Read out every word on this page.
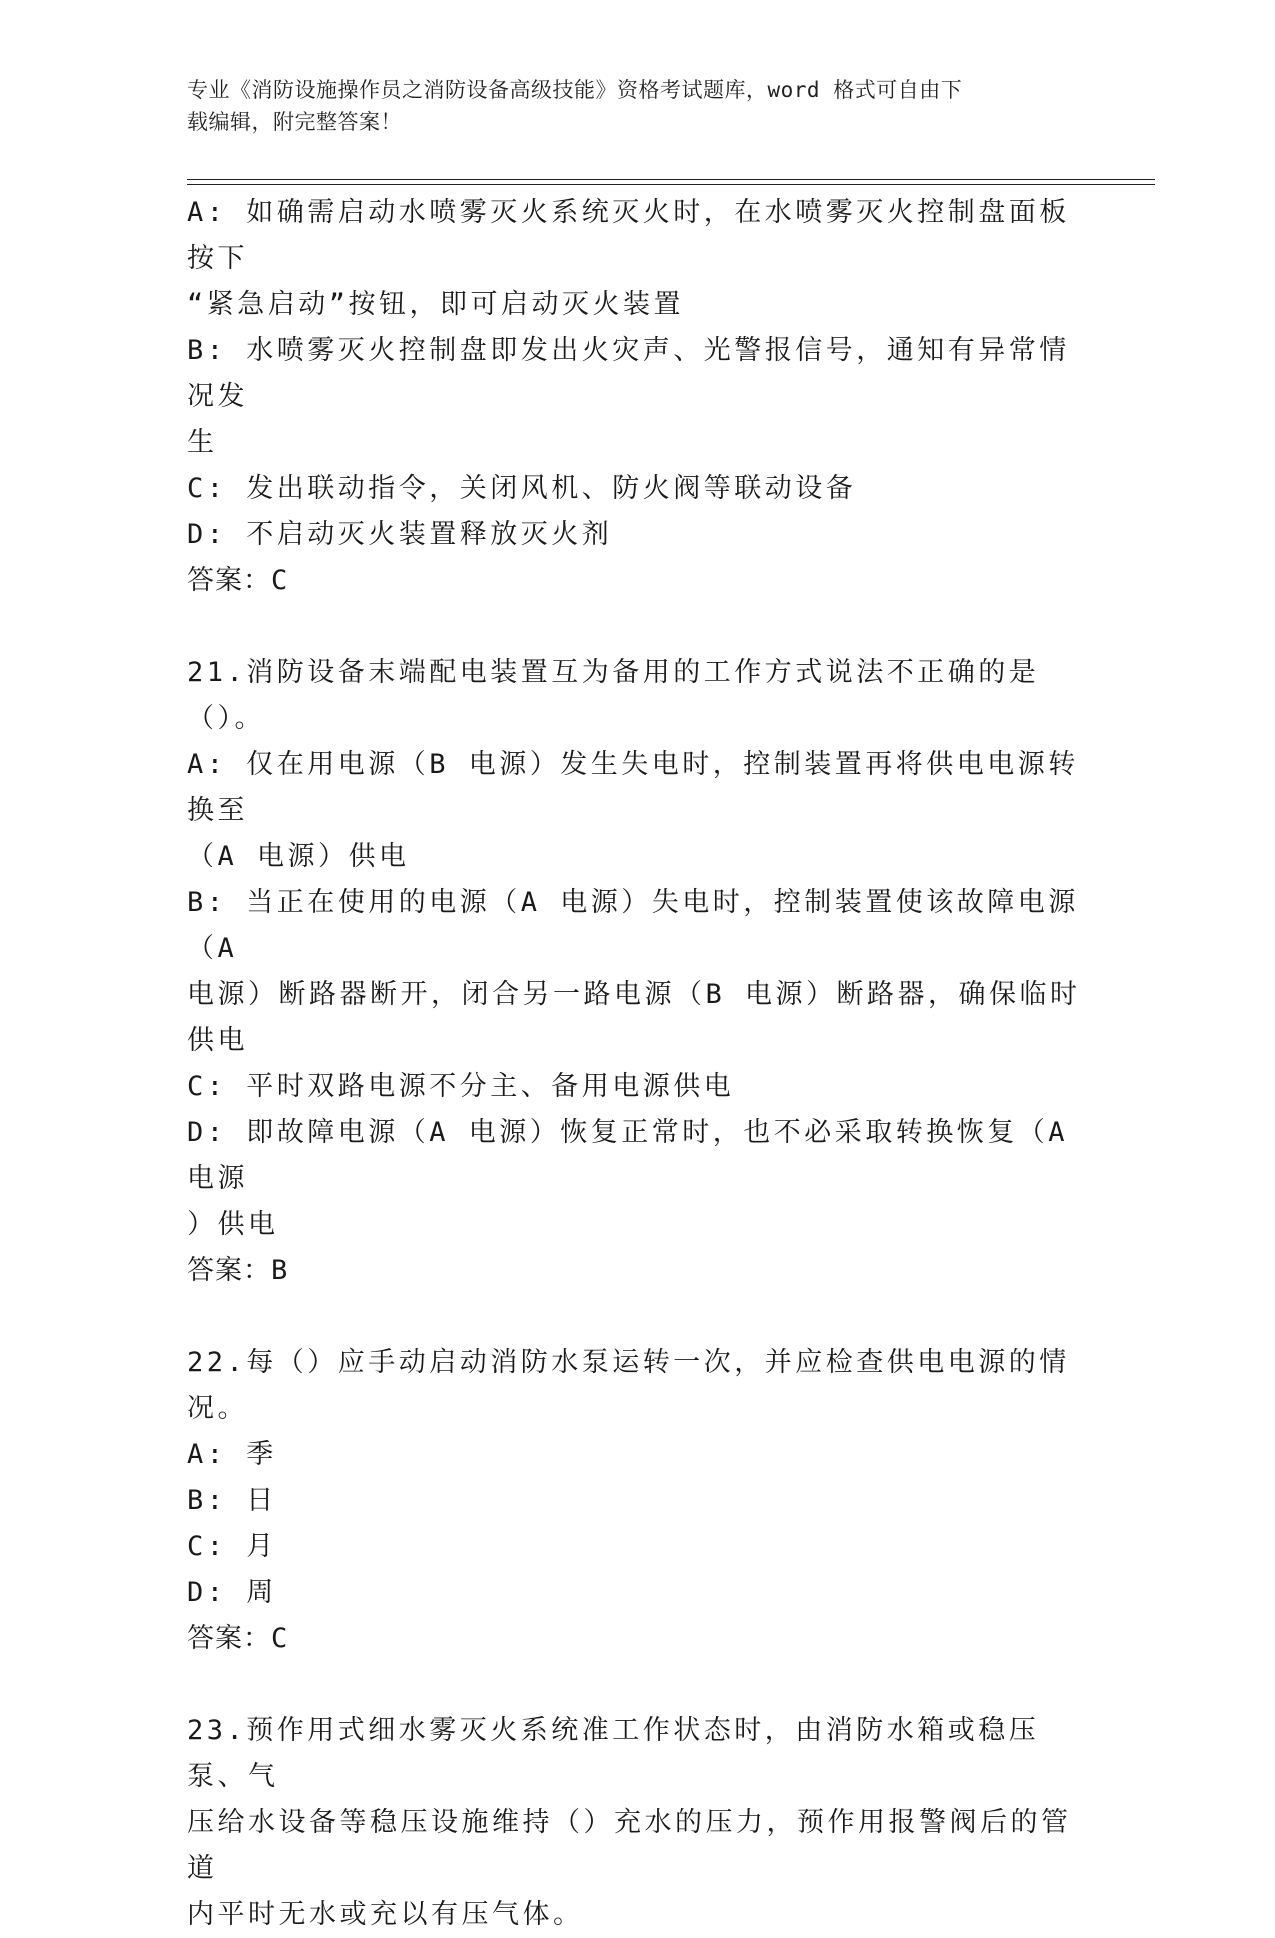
专业《消防设施操作员之消防设备高级技能》资格考试题库，word 格式可自由下

载编辑，附完整答案！

A: 如确需启动水喷雾灭火系统灭火时，在水喷雾灭火控制盘面板按下

“紧急启动”按钮，即可启动灭火装置

B: 水喷雾灭火控制盘即发出火灾声、光警报信号，通知有异常情况发

生

C: 发出联动指令，关闭风机、防火阀等联动设备

D: 不启动灭火装置释放灭火剂

答案：C

21.消防设备末端配电装置互为备用的工作方式说法不正确的是（）。

A: 仅在用电源（B 电源）发生失电时，控制装置再将供电电源转换至

（A 电源）供电

B: 当正在使用的电源（A 电源）失电时，控制装置使该故障电源（A

电源）断路器断开，闭合另一路电源（B 电源）断路器，确保临时供电

C: 平时双路电源不分主、备用电源供电

D: 即故障电源（A 电源）恢复正常时，也不必采取转换恢复（A 电源

）供电

答案：B

22.每（）应手动启动消防水泵运转一次，并应检查供电电源的情况。

A: 季

B: 日

C: 月

D: 周

答案：C

23.预作用式细水雾灭火系统准工作状态时，由消防水箱或稳压泵、气

压给水设备等稳压设施维持（）充水的压力，预作用报警阀后的管道

内平时无水或充以有压气体。
